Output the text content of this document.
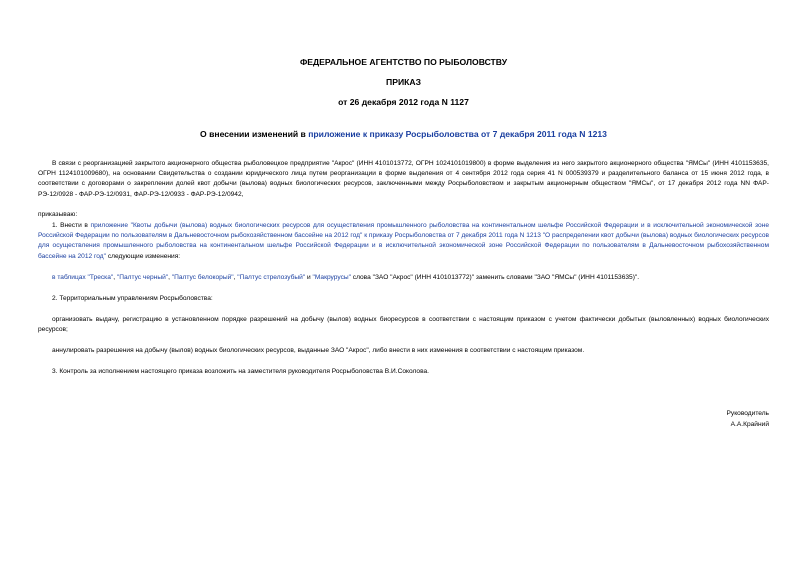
ФЕДЕРАЛЬНОЕ АГЕНТСТВО ПО РЫБОЛОВСТВУ
ПРИКАЗ
от 26 декабря 2012 года N 1127
О внесении изменений в приложение к приказу Росрыболовства от 7 декабря 2011 года N 1213
В связи с реорганизацией закрытого акционерного общества рыболовецкое предприятие "Акрос" (ИНН 4101013772, ОГРН 1024101019800) в форме выделения из него закрытого акционерного общества "ЯМСы" (ИНН 4101153635, ОГРН 1124101009680), на основании Свидетельства о создании юридического лица путем реорганизации в форме выделения от 4 сентября 2012 года серия 41 N 000539379 и разделительного баланса от 15 июня 2012 года, в соответствии с договорами о закреплении долей квот добычи (вылова) водных биологических ресурсов, заключенными между Росрыболовством и закрытым акционерным обществом "ЯМСы", от 17 декабря 2012 года NN ФАР-РЭ-12/0928 - ФАР-РЭ-12/0931, ФАР-РЭ-12/0933 - ФАР-РЭ-12/0942,
приказываю:
1. Внести в приложение "Квоты добычи (вылова) водных биологических ресурсов для осуществления промышленного рыболовства на континентальном шельфе Российской Федерации и в исключительной экономической зоне Российской Федерации по пользователям в Дальневосточном рыбохозяйственном бассейне на 2012 год" к приказу Росрыболовства от 7 декабря 2011 года N 1213 "О распределении квот добычи (вылова) водных биологических ресурсов для осуществления промышленного рыболовства на континентальном шельфе Российской Федерации и в исключительной экономической зоне Российской Федерации по пользователям в Дальневосточном рыбохозяйственном бассейне на 2012 год" следующие изменения:
в таблицах "Треска", "Палтус черный", "Палтус белокорый", "Палтус стрелозубый" и "Макрурусы" слова "ЗАО "Акрос" (ИНН 4101013772)" заменить словами "ЗАО "ЯМСы" (ИНН 4101153635)".
2. Территориальным управлениям Росрыболовства:
организовать выдачу, регистрацию в установленном порядке разрешений на добычу (вылов) водных биоресурсов в соответствии с настоящим приказом с учетом фактически добытых (выловленных) водных биологических ресурсов;
аннулировать разрешения на добычу (вылов) водных биологических ресурсов, выданные ЗАО "Акрос", либо внести в них изменения в соответствии с настоящим приказом.
3. Контроль за исполнением настоящего приказа возложить на заместителя руководителя Росрыболовства В.И.Соколова.
Руководитель
А.А.Крайний
